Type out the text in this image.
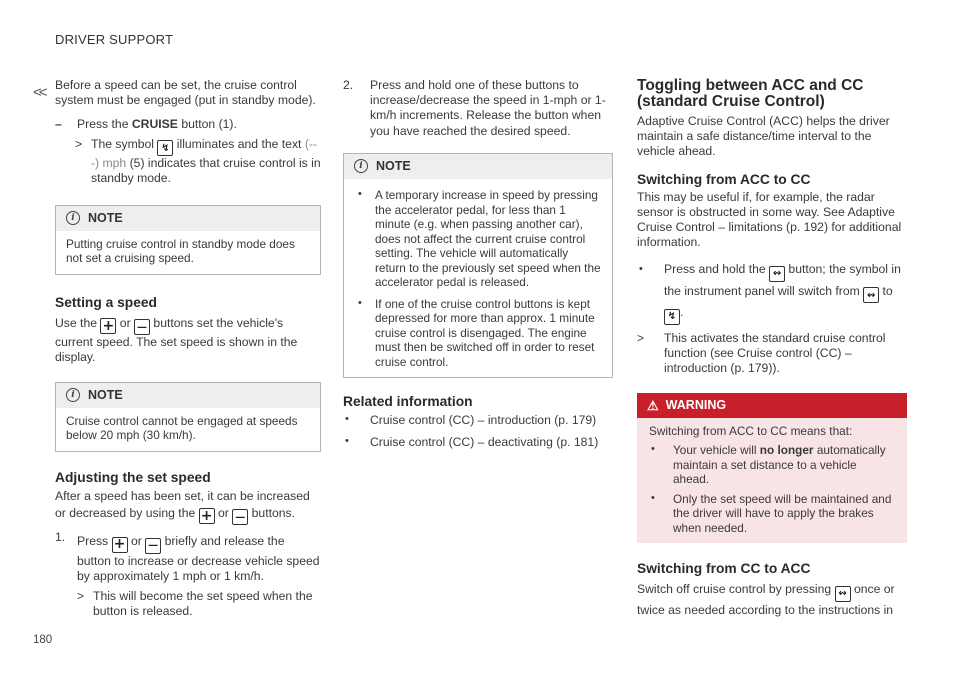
DRIVER SUPPORT
<<
180

Before a speed can be set, the cruise control system must be engaged (put in standby mode).

– Press the CRUISE button (1).
> The symbol ↯ illuminates and the text (---) mph (5) indicates that cruise control is in standby mode.
i	NOTE
Putting cruise control in standby mode does not set a cruising speed.
Setting a speed

Use the + or — buttons set the vehicle's current speed. The set speed is shown in the display.

i	NOTE
Cruise control cannot be engaged at speeds below 20 mph (30 km/h).
Adjusting the set speed

After a speed has been set, it can be increased or decreased by using the + or — buttons.

1. Press + or — briefly and release the button to increase or decrease vehicle speed by approximately 1 mph or 1 km/h.
> This will become the set speed when the button is released.
2. Press and hold one of these buttons to increase/decrease the speed in 1-mph or 1-km/h increments. Release the button when you have reached the desired speed.
i	NOTE
• A temporary increase in speed by pressing the accelerator pedal, for less than 1 minute (e.g. when passing another car), does not affect the current cruise control setting. The vehicle will automatically return to the previously set speed when the accelerator pedal is released.
• If one of the cruise control buttons is kept depressed for more than approx. 1 minute cruise control is disengaged. The engine must then be switched off in order to reset cruise control.
Related information
• Cruise control (CC) – introduction (p. 179)
• Cruise control (CC) – deactivating (p. 181)
Toggling between ACC and CC (standard Cruise Control)

Adaptive Cruise Control (ACC) helps the driver maintain a safe distance/time interval to the vehicle ahead.

Switching from ACC to CC

This may be useful if, for example, the radar sensor is obstructed in some way. See Adaptive Cruise Control – limitations (p. 192) for additional information.

• Press and hold the ↭ button; the symbol in the instrument panel will switch from ↭ to
↯.
> This activates the standard cruise control function (see Cruise control (CC) – introduction (p. 179)).
⚠ WARNING

Switching from ACC to CC means that:

• Your vehicle will no longer automatically maintain a set distance to a vehicle ahead.
• Only the set speed will be maintained and the driver will have to apply the brakes when needed.
Switching from CC to ACC

Switch off cruise control by pressing ↭ once or twice as needed according to the instructions in
